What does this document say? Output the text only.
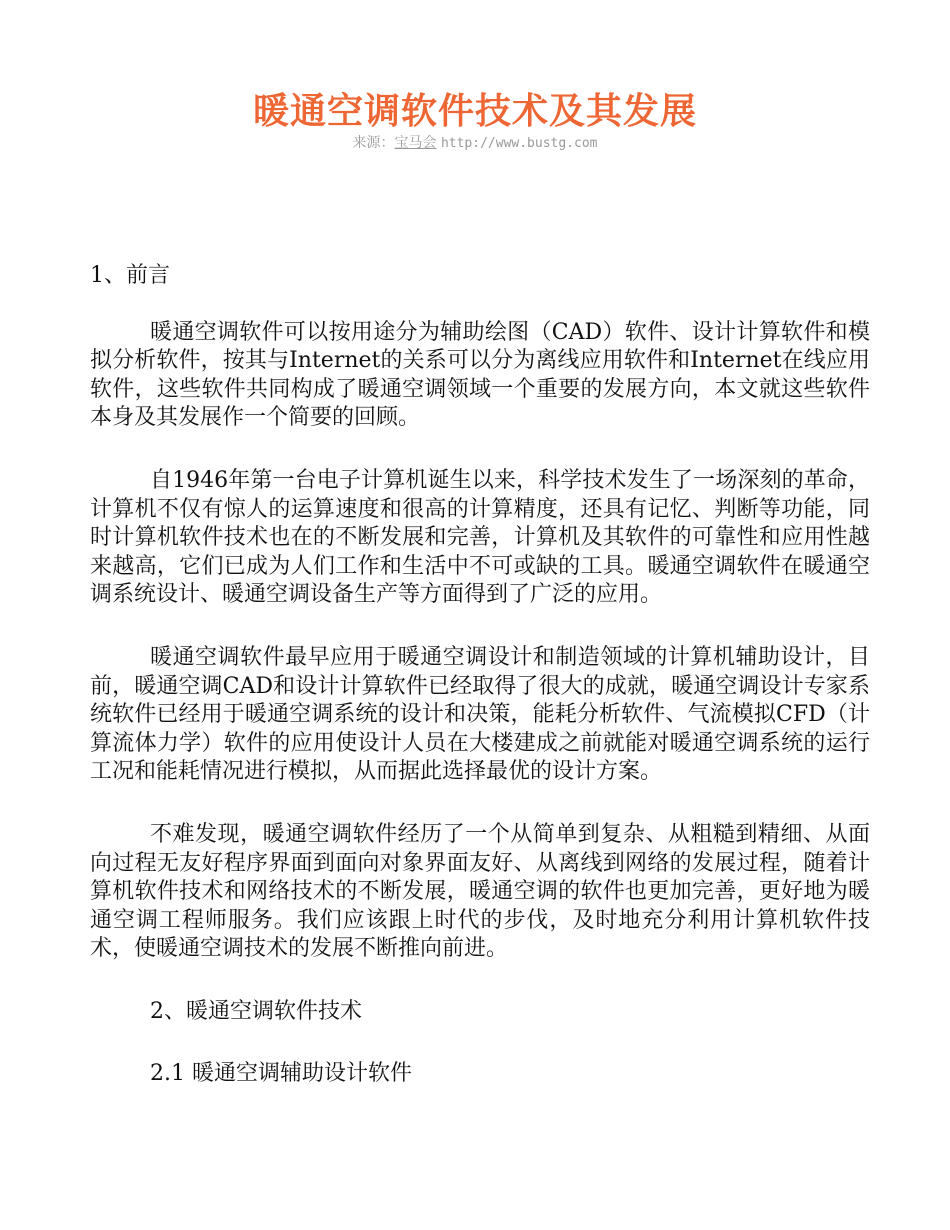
暖通空调软件技术及其发展
来源：宝马会 http://www.bustg.com

1、前言

暖通空调软件可以按用途分为辅助绘图（CAD）软件、设计计算软件和模拟分析软件，按其与Internet的关系可以分为离线应用软件和Internet在线应用软件，这些软件共同构成了暖通空调领域一个重要的发展方向，本文就这些软件本身及其发展作一个简要的回顾。

自1946年第一台电子计算机诞生以来，科学技术发生了一场深刻的革命，计算机不仅有惊人的运算速度和很高的计算精度，还具有记忆、判断等功能，同时计算机软件技术也在的不断发展和完善，计算机及其软件的可靠性和应用性越来越高，它们已成为人们工作和生活中不可或缺的工具。暖通空调软件在暖通空调系统设计、暖通空调设备生产等方面得到了广泛的应用。

暖通空调软件最早应用于暖通空调设计和制造领域的计算机辅助设计，目前，暖通空调CAD和设计计算软件已经取得了很大的成就，暖通空调设计专家系统软件已经用于暖通空调系统的设计和决策，能耗分析软件、气流模拟CFD（计算流体力学）软件的应用使设计人员在大楼建成之前就能对暖通空调系统的运行工况和能耗情况进行模拟，从而据此选择最优的设计方案。

不难发现，暖通空调软件经历了一个从简单到复杂、从粗糙到精细、从面向过程无友好程序界面到面向对象界面友好、从离线到网络的发展过程，随着计算机软件技术和网络技术的不断发展，暖通空调的软件也更加完善，更好地为暖通空调工程师服务。我们应该跟上时代的步伐，及时地充分利用计算机软件技术，使暖通空调技术的发展不断推向前进。

2、暖通空调软件技术

2.1 暖通空调辅助设计软件
